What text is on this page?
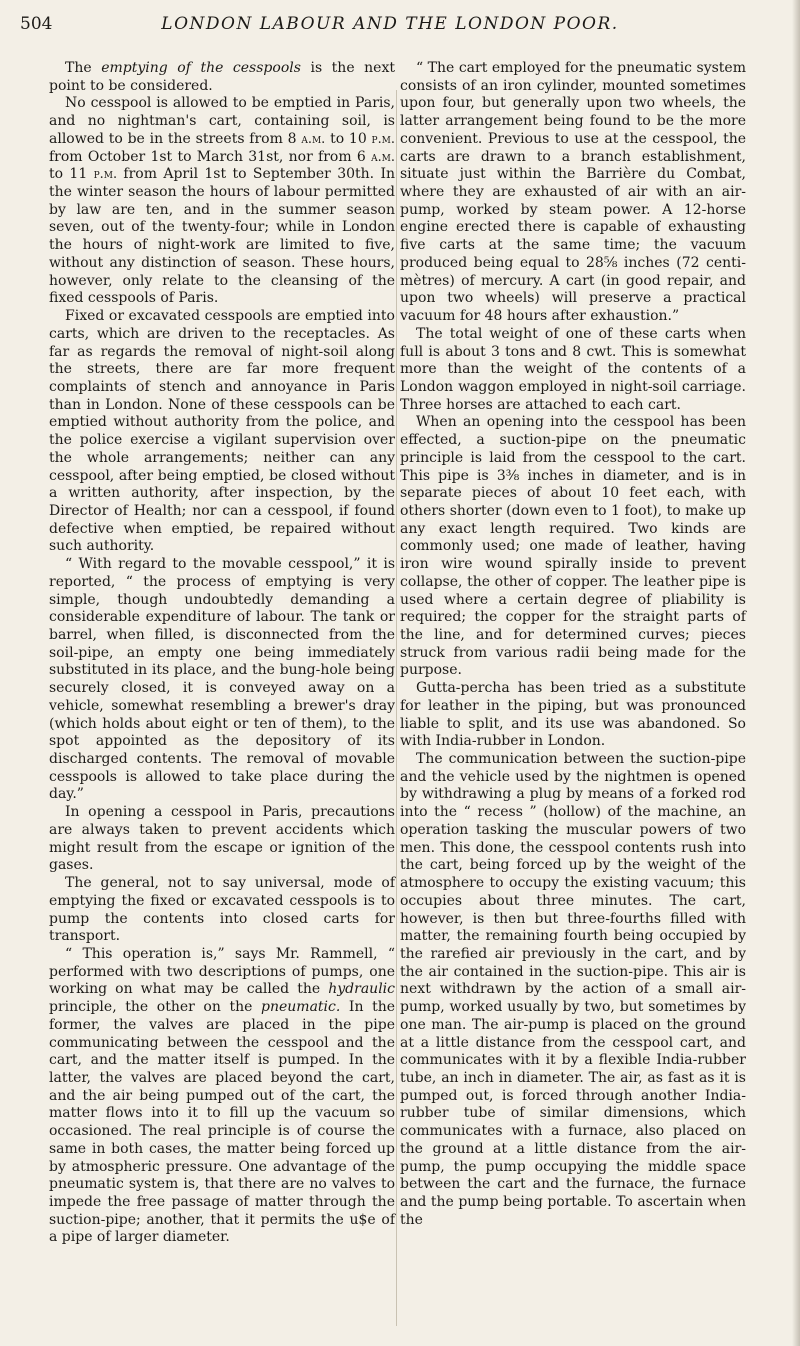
504	LONDON LABOUR AND THE LONDON POOR.

The emptying of the cesspools is the next point to be considered.

No cesspool is allowed to be emptied in Paris, and no nightman's cart, containing soil, is allowed to be in the streets from 8 a.m. to 10 p.m. from October 1st to March 31st, nor from 6 a.m. to 11 p.m. from April 1st to September 30th. In the winter season the hours of labour permitted by law are ten, and in the summer season seven, out of the twenty-four; while in London the hours of night-work are limited to five, without any distinction of season. These hours, however, only relate to the cleansing of the fixed cesspools of Paris.

Fixed or excavated cesspools are emptied into carts, which are driven to the receptacles. As far as regards the removal of night-soil along the streets, there are far more frequent complaints of stench and annoyance in Paris than in London. None of these cesspools can be emptied without authority from the police, and the police exercise a vigilant supervision over the whole arrangements; neither can any cesspool, after being emptied, be closed without a written authority, after inspection, by the Director of Health; nor can a cesspool, if found defective when emptied, be repaired without such authority.

“ With regard to the movable cesspool,” it is reported, “ the process of emptying is very simple, though undoubtedly demanding a considerable expenditure of labour. The tank or barrel, when filled, is disconnected from the soil-pipe, an empty one being immediately substituted in its place, and the bung-hole being securely closed, it is conveyed away on a vehicle, somewhat resembling a brewer's dray (which holds about eight or ten of them), to the spot appointed as the depository of its discharged contents. The removal of movable cesspools is allowed to take place during the day.”

In opening a cesspool in Paris, precautions are always taken to prevent accidents which might result from the escape or ignition of the gases.

The general, not to say universal, mode of emptying the fixed or excavated cesspools is to pump the contents into closed carts for transport.

“ This operation is,” says Mr. Rammell, “ performed with two descriptions of pumps, one working on what may be called the hydraulic principle, the other on the pneumatic. In the former, the valves are placed in the pipe communicating between the cesspool and the cart, and the matter itself is pumped. In the latter, the valves are placed beyond the cart, and the air being pumped out of the cart, the matter flows into it to fill up the vacuum so occasioned. The real principle is of course the same in both cases, the matter being forced up by atmospheric pressure. One advantage of the pneumatic system is, that there are no valves to impede the free passage of matter through the suction-pipe; another, that it permits the u$e of a pipe of larger diameter.

“ The cart employed for the pneumatic system consists of an iron cylinder, mounted sometimes upon four, but generally upon two wheels, the latter arrangement being found to be the more convenient. Previous to use at the cesspool, the carts are drawn to a branch establishment, situate just within the Barrière du Combat, where they are exhausted of air with an air-pump, worked by steam power. A 12-horse engine erected there is capable of exhausting five carts at the same time; the vacuum produced being equal to 28⅝ inches (72 centi-mètres) of mercury. A cart (in good repair, and upon two wheels) will preserve a practical vacuum for 48 hours after exhaustion.”

The total weight of one of these carts when full is about 3 tons and 8 cwt. This is somewhat more than the weight of the contents of a London waggon employed in night-soil carriage. Three horses are attached to each cart.

When an opening into the cesspool has been effected, a suction-pipe on the pneumatic principle is laid from the cesspool to the cart. This pipe is 3⅜ inches in diameter, and is in separate pieces of about 10 feet each, with others shorter (down even to 1 foot), to make up any exact length required. Two kinds are commonly used; one made of leather, having iron wire wound spirally inside to prevent collapse, the other of copper. The leather pipe is used where a certain degree of pliability is required; the copper for the straight parts of the line, and for determined curves; pieces struck from various radii being made for the purpose.

Gutta-percha has been tried as a substitute for leather in the piping, but was pronounced liable to split, and its use was abandoned. So with India-rubber in London.

The communication between the suction-pipe and the vehicle used by the nightmen is opened by withdrawing a plug by means of a forked rod into the “ recess ” (hollow) of the machine, an operation tasking the muscular powers of two men. This done, the cesspool contents rush into the cart, being forced up by the weight of the atmosphere to occupy the existing vacuum; this occupies about three minutes. The cart, however, is then but three-fourths filled with matter, the remaining fourth being occupied by the rarefied air previously in the cart, and by the air contained in the suction-pipe. This air is next withdrawn by the action of a small air-pump, worked usually by two, but sometimes by one man. The air-pump is placed on the ground at a little distance from the cesspool cart, and communicates with it by a flexible India-rubber tube, an inch in diameter. The air, as fast as it is pumped out, is forced through another India-rubber tube of similar dimensions, which communicates with a furnace, also placed on the ground at a little distance from the air-pump, the pump occupying the middle space between the cart and the furnace, the furnace and the pump being portable. To ascertain when the
